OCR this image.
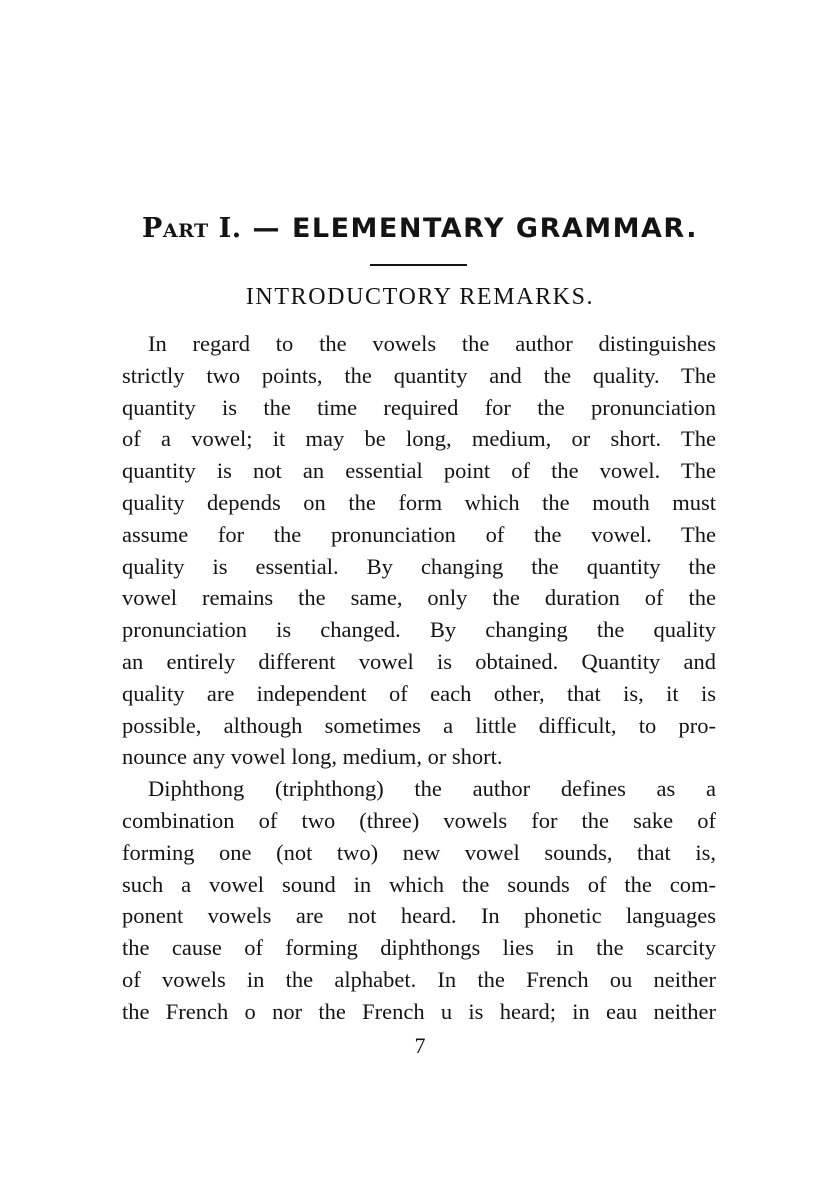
Part I. — ELEMENTARY GRAMMAR.
INTRODUCTORY REMARKS.
In regard to the vowels the author distinguishes
strictly two points, the quantity and the quality. The
quantity is the time required for the pronunciation
of a vowel; it may be long, medium, or short. The
quantity is not an essential point of the vowel. The
quality depends on the form which the mouth must
assume for the pronunciation of the vowel. The
quality is essential. By changing the quantity the
vowel remains the same, only the duration of the
pronunciation is changed. By changing the quality
an entirely different vowel is obtained. Quantity and
quality are independent of each other, that is, it is
possible, although sometimes a little difficult, to pro-
nounce any vowel long, medium, or short.
Diphthong (triphthong) the author defines as a
combination of two (three) vowels for the sake of
forming one (not two) new vowel sounds, that is,
such a vowel sound in which the sounds of the com-
ponent vowels are not heard. In phonetic languages
the cause of forming diphthongs lies in the scarcity
of vowels in the alphabet. In the French ou neither
the French o nor the French u is heard; in eau neither
7
